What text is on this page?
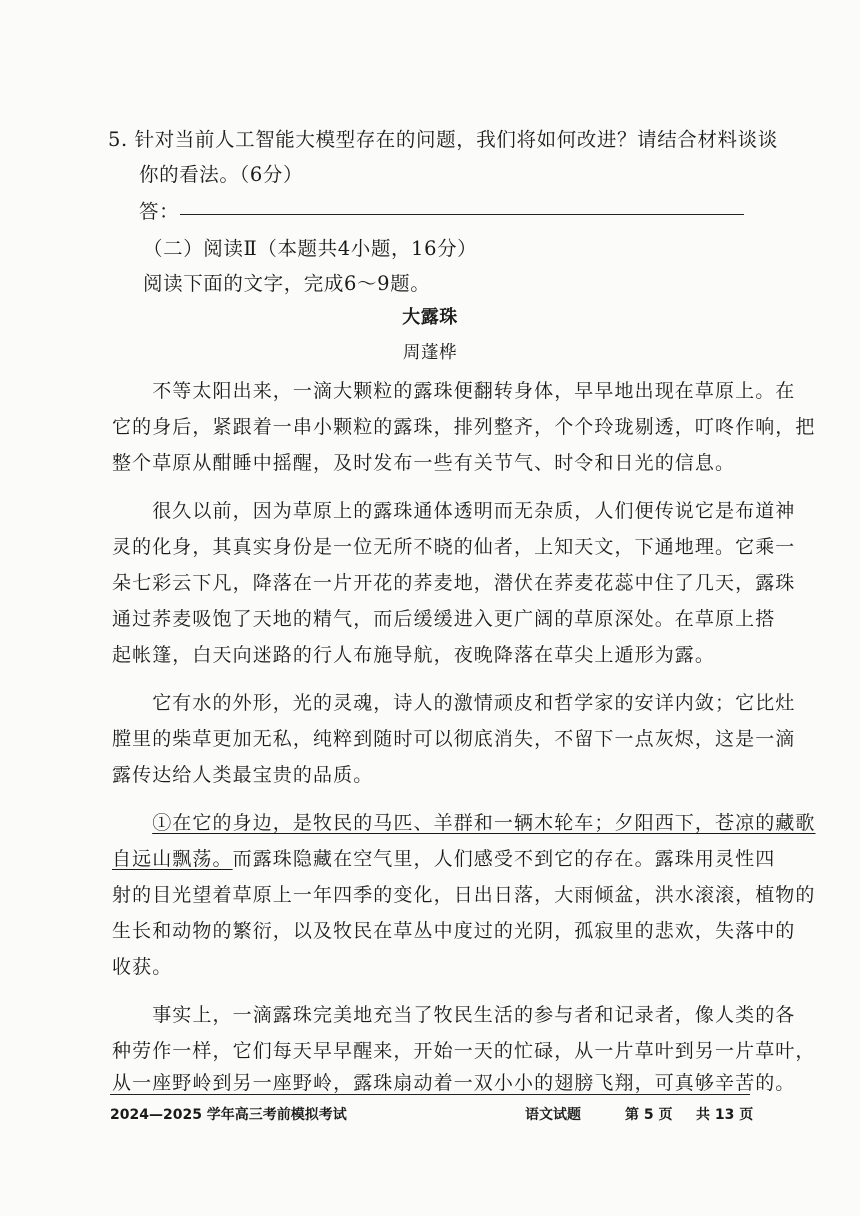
5. 针对当前人工智能大模型存在的问题，我们将如何改进？请结合材料谈谈
你的看法。（6分）
答：
（二）阅读Ⅱ（本题共4小题，16分）
阅读下面的文字，完成6～9题。
大露珠
周蓬桦
　　不等太阳出来，一滴大颗粒的露珠便翻转身体，早早地出现在草原上。在
它的身后，紧跟着一串小颗粒的露珠，排列整齐，个个玲珑剔透，叮咚作响，把
整个草原从酣睡中摇醒，及时发布一些有关节气、时令和日光的信息。
　　很久以前，因为草原上的露珠通体透明而无杂质，人们便传说它是布道神
灵的化身，其真实身份是一位无所不晓的仙者，上知天文，下通地理。它乘一
朵七彩云下凡，降落在一片开花的荞麦地，潜伏在荞麦花蕊中住了几天，露珠
通过荞麦吸饱了天地的精气，而后缓缓进入更广阔的草原深处。在草原上搭
起帐篷，白天向迷路的行人布施导航，夜晚降落在草尖上遁形为露。
　　它有水的外形，光的灵魂，诗人的激情顽皮和哲学家的安详内敛；它比灶
膛里的柴草更加无私，纯粹到随时可以彻底消失，不留下一点灰烬，这是一滴
露传达给人类最宝贵的品质。
　　①在它的身边，是牧民的马匹、羊群和一辆木轮车；夕阳西下，苍凉的藏歌
自远山飘荡。而露珠隐藏在空气里，人们感受不到它的存在。露珠用灵性四
射的目光望着草原上一年四季的变化，日出日落，大雨倾盆，洪水滚滚，植物的
生长和动物的繁衍，以及牧民在草丛中度过的光阴，孤寂里的悲欢，失落中的
收获。
　　事实上，一滴露珠完美地充当了牧民生活的参与者和记录者，像人类的各
种劳作一样，它们每天早早醒来，开始一天的忙碌，从一片草叶到另一片草叶，
从一座野岭到另一座野岭，露珠扇动着一双小小的翅膀飞翔，可真够辛苦的。
2024—2025 学年高三考前模拟考试	语文试题	第 5 页 共 13 页
